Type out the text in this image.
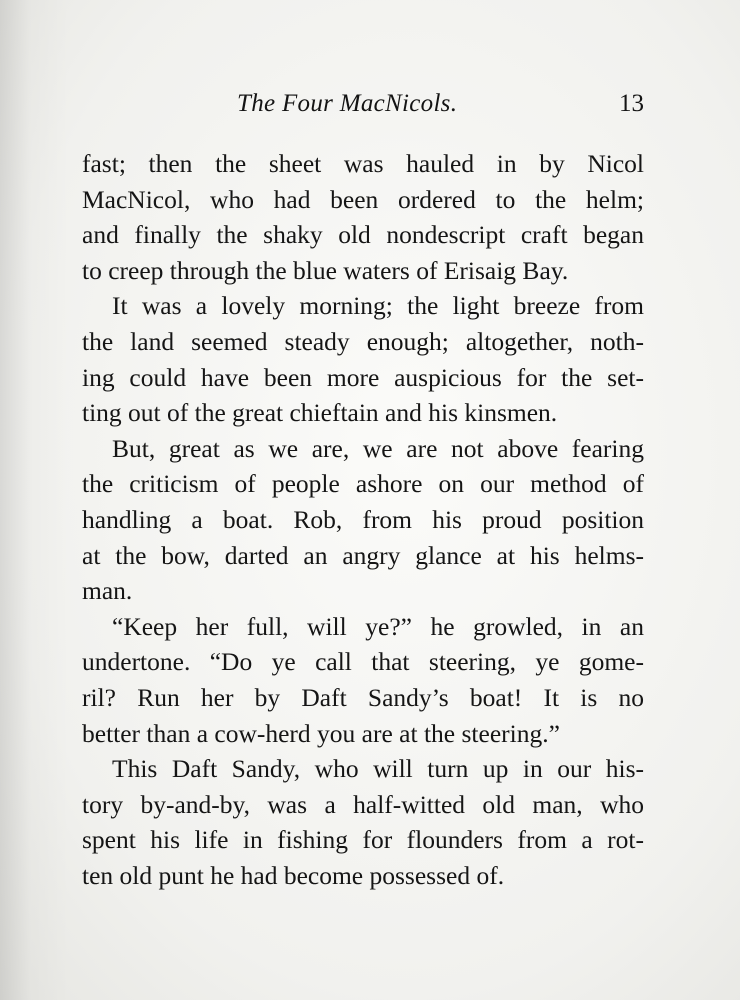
The Four MacNicols.	13
fast; then the sheet was hauled in by Nicol
MacNicol, who had been ordered to the helm;
and finally the shaky old nondescript craft began
to creep through the blue waters of Erisaig Bay.
It was a lovely morning; the light breeze from
the land seemed steady enough; altogether, noth-
ing could have been more auspicious for the set-
ting out of the great chieftain and his kinsmen.
But, great as we are, we are not above fearing
the criticism of people ashore on our method of
handling a boat. Rob, from his proud position
at the bow, darted an angry glance at his helms-
man.
“Keep her full, will ye?” he growled, in an
undertone. “Do ye call that steering, ye gome-
ril? Run her by Daft Sandy’s boat! It is no
better than a cow-herd you are at the steering.”
This Daft Sandy, who will turn up in our his-
tory by-and-by, was a half-witted old man, who
spent his life in fishing for flounders from a rot-
ten old punt he had become possessed of.
